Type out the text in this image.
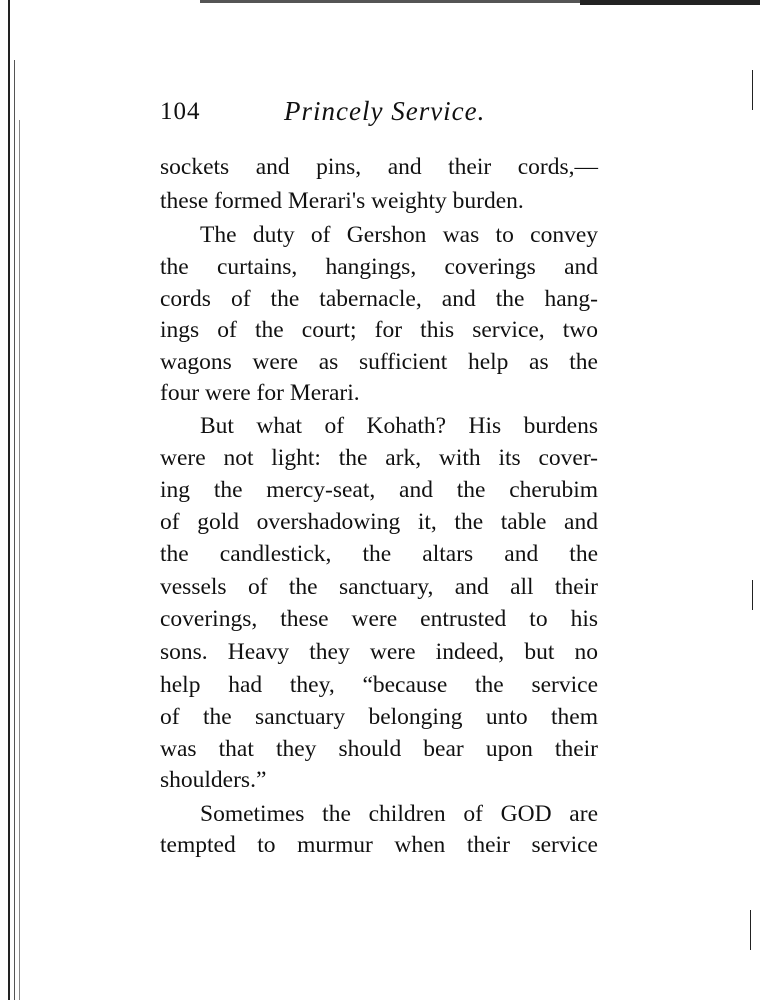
104	Princely Service.
sockets and pins, and their cords,—
these formed Merari's weighty burden.
The duty of Gershon was to convey
the curtains, hangings, coverings and
cords of the tabernacle, and the hang-
ings of the court; for this service, two
wagons were as sufficient help as the
four were for Merari.
But what of Kohath? His burdens
were not light: the ark, with its cover-
ing the mercy-seat, and the cherubim
of gold overshadowing it, the table and
the candlestick, the altars and the
vessels of the sanctuary, and all their
coverings, these were entrusted to his
sons. Heavy they were indeed, but no
help had they, “because the service
of the sanctuary belonging unto them
was that they should bear upon their
shoulders.”
Sometimes the children of GOD are
tempted to murmur when their service
